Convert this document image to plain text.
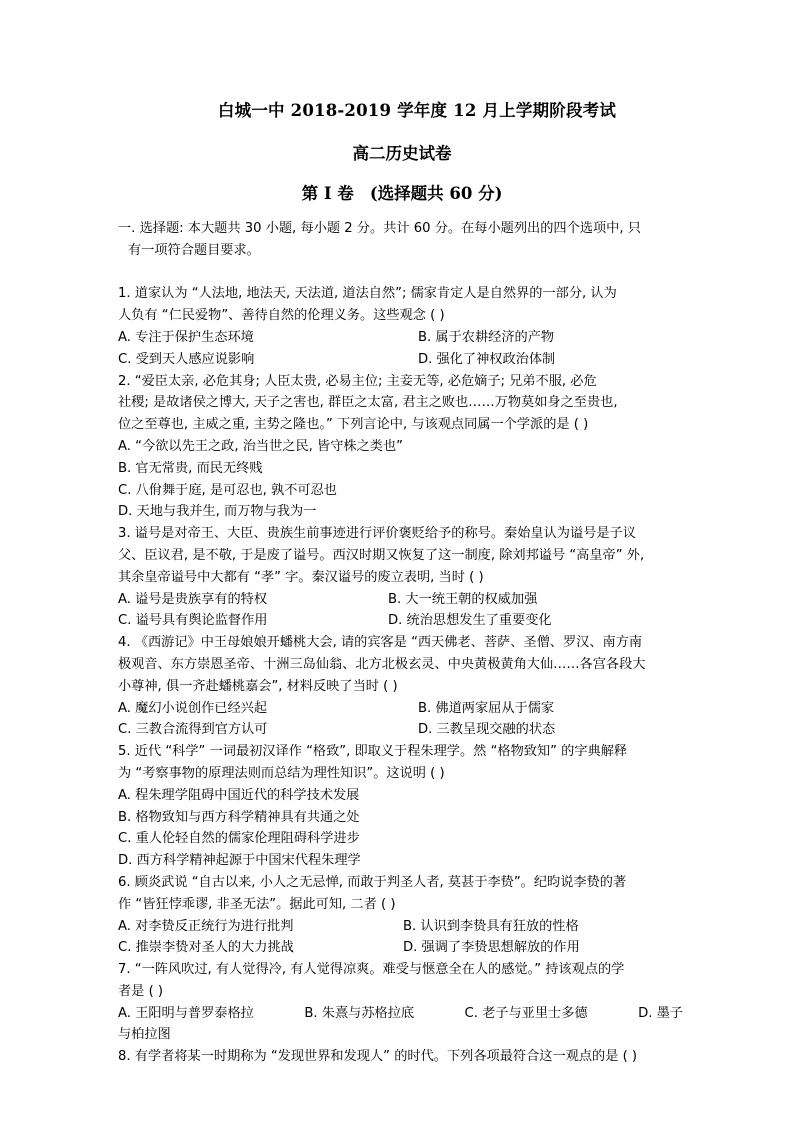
白城一中 2018-2019 学年度 12 月上学期阶段考试
高二历史试卷
第 I 卷 (选择题共 60 分)
一. 选择题: 本大题共 30 小题, 每小题 2 分。共计 60 分。在每小题列出的四个选项中, 只
有一项符合题目要求。
1. 道家认为 “人法地, 地法天, 天法道, 道法自然”; 儒家肯定人是自然界的一部分, 认为
人负有 “仁民爱物”、善待自然的伦理义务。这些观念 ( )
A. 专注于保护生态环境	B. 属于农耕经济的产物
C. 受到天人感应说影响	D. 强化了神权政治体制
2. “爱臣太亲, 必危其身; 人臣太贵, 必易主位; 主妾无等, 必危嫡子; 兄弟不服, 必危
社稷; 是故诸侯之博大, 天子之害也, 群臣之太富, 君主之败也……万物莫如身之至贵也,
位之至尊也, 主威之重, 主势之隆也。” 下列言论中, 与该观点同属一个学派的是 ( )
A. “今欲以先王之政, 治当世之民, 皆守株之类也”
B. 官无常贵, 而民无终贱
C. 八佾舞于庭, 是可忍也, 孰不可忍也
D. 天地与我并生, 而万物与我为一
3. 谥号是对帝王、大臣、贵族生前事迹进行评价褒贬给予的称号。秦始皇认为谥号是子议
父、臣议君, 是不敬, 于是废了谥号。西汉时期又恢复了这一制度, 除刘邦谥号 “高皇帝” 外,
其余皇帝谥号中大都有 “孝” 字。秦汉谥号的废立表明, 当时 ( )
A. 谥号是贵族享有的特权	B. 大一统王朝的权威加强
C. 谥号具有舆论监督作用	D. 统治思想发生了重要变化
4. 《西游记》中王母娘娘开蟠桃大会, 请的宾客是 “西天佛老、菩萨、圣僧、罗汉、南方南
极观音、东方崇恩圣帝、十洲三岛仙翁、北方北极玄灵、中央黄极黄角大仙……各宫各段大
小尊神, 俱一齐赴蟠桃嘉会”, 材料反映了当时 ( )
A. 魔幻小说创作已经兴起	B. 佛道两家屈从于儒家
C. 三教合流得到官方认可	D. 三教呈现交融的状态
5. 近代 “科学” 一词最初汉译作 “格致”, 即取义于程朱理学。然 “格物致知” 的字典解释
为 “考察事物的原理法则而总结为理性知识”。这说明 ( )
A. 程朱理学阻碍中国近代的科学技术发展
B. 格物致知与西方科学精神具有共通之处
C. 重人伦轻自然的儒家伦理阻碍科学进步
D. 西方科学精神起源于中国宋代程朱理学
6. 顾炎武说 “自古以来, 小人之无忌惮, 而敢于判圣人者, 莫甚于李贽”。纪昀说李贽的著
作 “皆狂悖乖谬, 非圣无法”。据此可知, 二者 ( )
A. 对李贽反正统行为进行批判	B. 认识到李贽具有狂放的性格
C. 推崇李贽对圣人的大力挑战	D. 强调了李贽思想解放的作用
7. “一阵风吹过, 有人觉得冷, 有人觉得凉爽。难受与惬意全在人的感觉。” 持该观点的学
者是 ( )
A. 王阳明与普罗泰格拉	B. 朱熹与苏格拉底	C. 老子与亚里士多德	D. 墨子
与柏拉图
8. 有学者将某一时期称为 “发现世界和发现人” 的时代。下列各项最符合这一观点的是 ( )
